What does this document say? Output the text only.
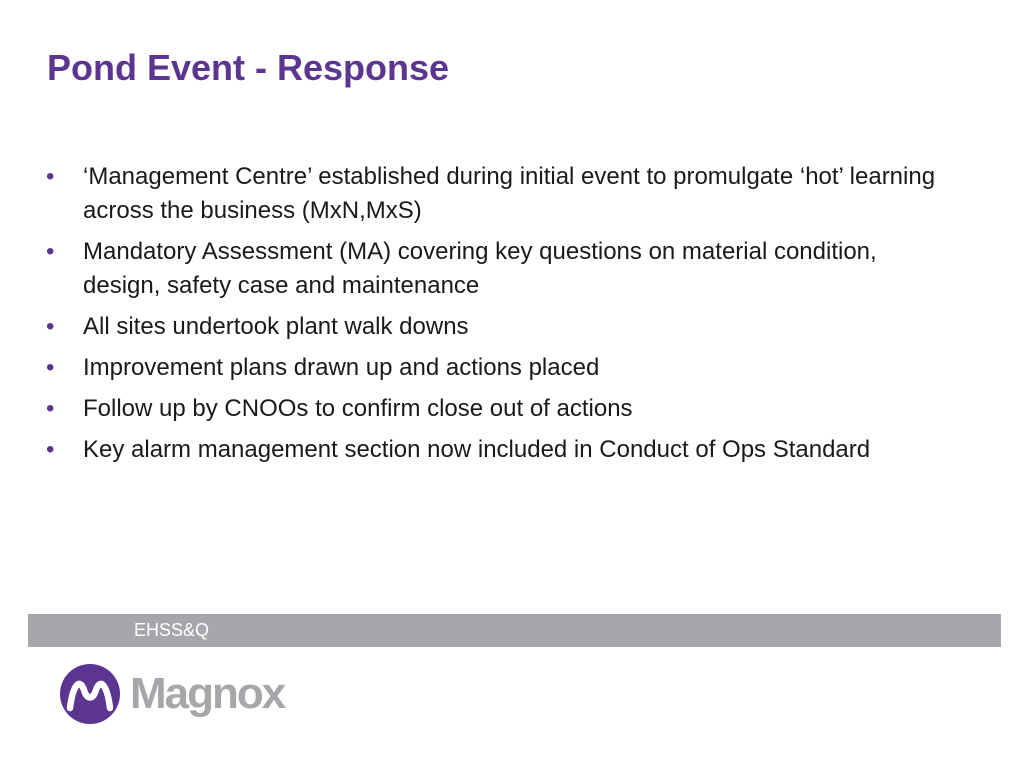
Pond Event - Response
• ‘Management Centre’ established during initial event to promulgate ‘hot’ learning across the business (MxN,MxS)
• Mandatory Assessment (MA) covering key questions on material condition, design, safety case and maintenance
• All sites undertook plant walk downs
• Improvement plans drawn up and actions placed
• Follow up by CNOOs to confirm close out of actions
• Key alarm management section now included in Conduct of Ops Standard
EHSS&Q
Magnox
